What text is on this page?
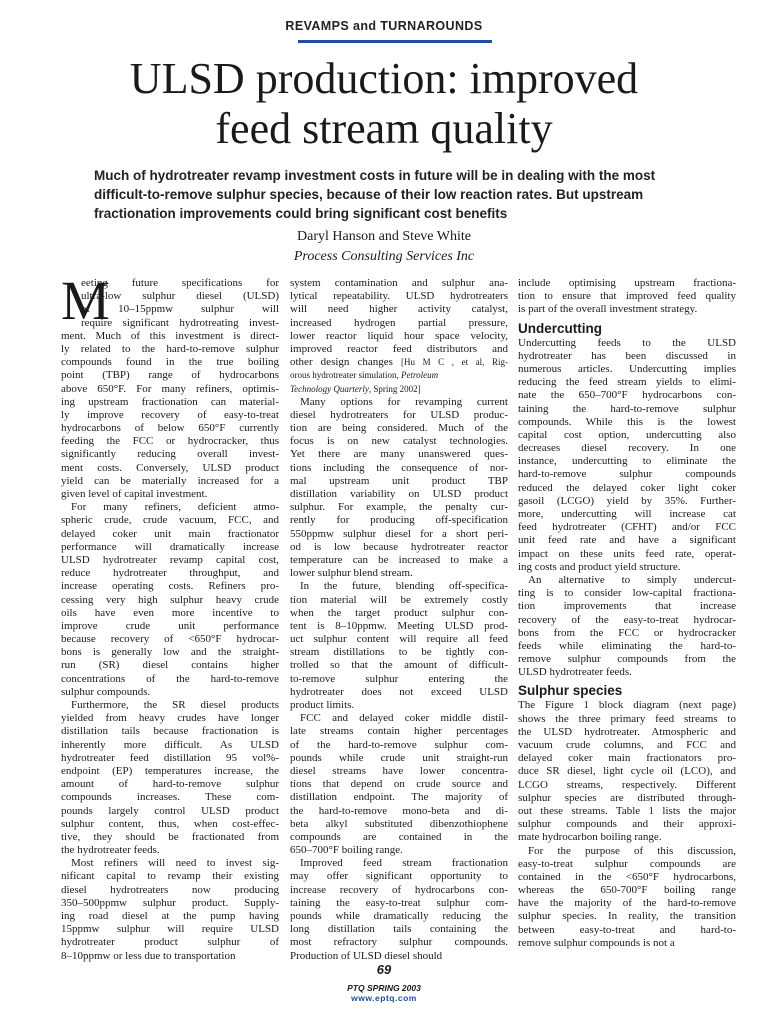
REVAMPS and TURNAROUNDS
ULSD production: improved
feed stream quality
Much of hydrotreater revamp investment costs in future will be in dealing with the most difficult-to-remove sulphur species, because of their low reaction rates. But upstream fractionation improvements could bring significant cost benefits
Daryl Hanson and Steve White
Process Consulting Services Inc
M
eeting future specifications for
ultra-low sulphur diesel (ULSD)
of 10–15ppmw sulphur will
require significant hydrotreating invest-
ment. Much of this investment is direct-
ly related to the hard-to-remove sulphur
compounds found in the true boiling
point (TBP) range of hydrocarbons
above 650°F. For many refiners, optimis-
ing upstream fractionation can material-
ly improve recovery of easy-to-treat
hydrocarbons of below 650°F currently
feeding the FCC or hydrocracker, thus
significantly reducing overall invest-
ment costs. Conversely, ULSD product
yield can be materially increased for a
given level of capital investment.
For many refiners, deficient atmo-
spheric crude, crude vacuum, FCC, and
delayed coker unit main fractionator
performance will dramatically increase
ULSD hydrotreater revamp capital cost,
reduce hydrotreater throughput, and
increase operating costs. Refiners pro-
cessing very high sulphur heavy crude
oils have even more incentive to
improve crude unit performance
because recovery of <650°F hydrocar-
bons is generally low and the straight-
run (SR) diesel contains higher
concentrations of the hard-to-remove
sulphur compounds.
Furthermore, the SR diesel products
yielded from heavy crudes have longer
distillation tails because fractionation is
inherently more difficult. As ULSD
hydrotreater feed distillation 95 vol%-
endpoint (EP) temperatures increase, the
amount of hard-to-remove sulphur
compounds increases. These com-
pounds largely control ULSD product
sulphur content, thus, when cost-effec-
tive, they should be fractionated from
the hydrotreater feeds.
Most refiners will need to invest sig-
nificant capital to revamp their existing
diesel hydrotreaters now producing
350–500ppmw sulphur product. Supply-
ing road diesel at the pump having
15ppmw sulphur will require ULSD
hydrotreater product sulphur of
8–10ppmw or less due to transportation
system contamination and sulphur ana-
lytical repeatability. ULSD hydrotreaters
will need higher activity catalyst,
increased hydrogen partial pressure,
lower reactor liquid hour space velocity,
improved reactor feed distributors and
other design changes [Hu M C , et al, Rig-
orous hydrotreater simulation, Petroleum
Technology Quarterly, Spring 2002]
Many options for revamping current
diesel hydrotreaters for ULSD produc-
tion are being considered. Much of the
focus is on new catalyst technologies.
Yet there are many unanswered ques-
tions including the consequence of nor-
mal upstream unit product TBP
distillation variability on ULSD product
sulphur. For example, the penalty cur-
rently for producing off-specification
550ppmw sulphur diesel for a short peri-
od is low because hydrotreater reactor
temperature can be increased to make a
lower sulphur blend stream.
In the future, blending off-specifica-
tion material will be extremely costly
when the target product sulphur con-
tent is 8–10ppmw. Meeting ULSD prod-
uct sulphur content will require all feed
stream distillations to be tightly con-
trolled so that the amount of difficult-
to-remove sulphur entering the
hydrotreater does not exceed ULSD
product limits.
FCC and delayed coker middle distil-
late streams contain higher percentages
of the hard-to-remove sulphur com-
pounds while crude unit straight-run
diesel streams have lower concentra-
tions that depend on crude source and
distillation endpoint. The majority of
the hard-to-remove mono-beta and di-
beta alkyl substituted dibenzothiophene
compounds are contained in the
650–700°F boiling range.
Improved feed stream fractionation
may offer significant opportunity to
increase recovery of hydrocarbons con-
taining the easy-to-treat sulphur com-
pounds while dramatically reducing the
long distillation tails containing the
most refractory sulphur compounds.
Production of ULSD diesel should
include optimising upstream fractiona-
tion to ensure that improved feed quality
is part of the overall investment strategy.
Undercutting
Undercutting feeds to the ULSD
hydrotreater has been discussed in
numerous articles. Undercutting implies
reducing the feed stream yields to elimi-
nate the 650–700°F hydrocarbons con-
taining the hard-to-remove sulphur
compounds. While this is the lowest
capital cost option, undercutting also
decreases diesel recovery. In one
instance, undercutting to eliminate the
hard-to-remove sulphur compounds
reduced the delayed coker light coker
gasoil (LCGO) yield by 35%. Further-
more, undercutting will increase cat
feed hydrotreater (CFHT) and/or FCC
unit feed rate and have a significant
impact on these units feed rate, operat-
ing costs and product yield structure.
An alternative to simply undercut-
ting is to consider low-capital fractiona-
tion improvements that increase
recovery of the easy-to-treat hydrocar-
bons from the FCC or hydrocracker
feeds while eliminating the hard-to-
remove sulphur compounds from the
ULSD hydrotreater feeds.
Sulphur species
The Figure 1 block diagram (next page)
shows the three primary feed streams to
the ULSD hydrotreater. Atmospheric and
vacuum crude columns, and FCC and
delayed coker main fractionators pro-
duce SR diesel, light cycle oil (LCO), and
LCGO streams, respectively. Different
sulphur species are distributed through-
out these streams. Table 1 lists the major
sulphur compounds and their approxi-
mate hydrocarbon boiling range.
For the purpose of this discussion,
easy-to-treat sulphur compounds are
contained in the <650°F hydrocarbons,
whereas the 650-700°F boiling range
have the majority of the hard-to-remove
sulphur species. In reality, the transition
between easy-to-treat and hard-to-
remove sulphur compounds is not a
69
PTQ SPRING 2003
www.eptq.com
